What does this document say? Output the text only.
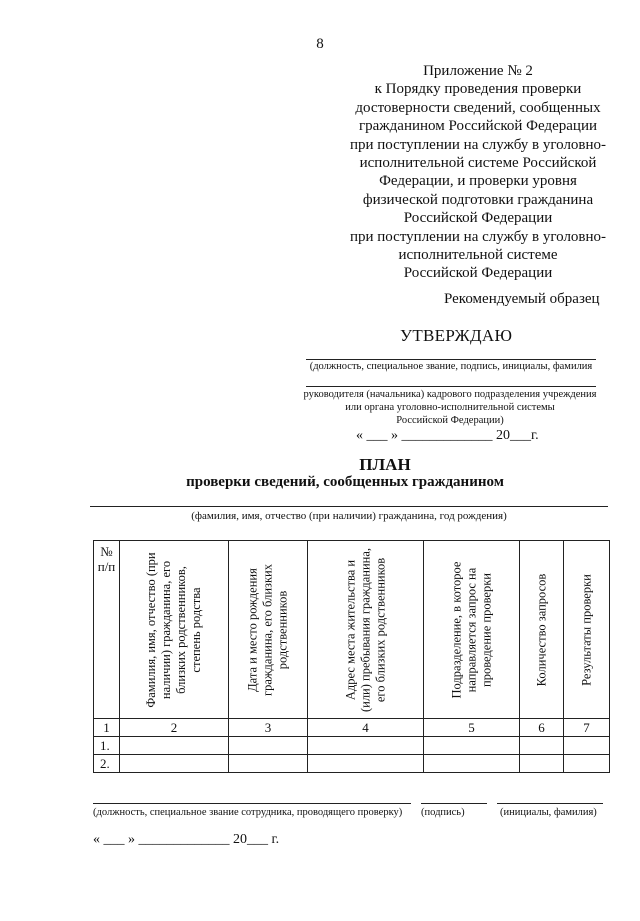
8
Приложение № 2
к Порядку проведения проверки
достоверности сведений, сообщенных
гражданином Российской Федерации
при поступлении на службу в уголовно-
исполнительной системе Российской
Федерации, и проверки уровня
физической подготовки гражданина
Российской Федерации
при поступлении на службу в уголовно-
исполнительной системе
Российской Федерации
Рекомендуемый образец
УТВЕРЖДАЮ
(должность, специальное звание, подпись, инициалы, фамилия
руководителя (начальника) кадрового подразделения учреждения
или органа уголовно-исполнительной системы
Российской Федерации)
« ___ » _____________ 20___г.
ПЛАН
проверки сведений, сообщенных гражданином
(фамилия, имя, отчество (при наличии) гражданина, год рождения)
№ п/п	Фамилия, имя, отчество (при наличии) гражданина, его близких родственников, степень родства	Дата и место рождения гражданина, его близких родственников	Адрес места жительства и (или) пребывания гражданина, его близких родственников	Подразделение, в которое направляется запрос на проведение проверки	Количество запросов	Результаты проверки

1	2	3	4	5	6	7
1.						
2.						
(должность, специальное звание сотрудника, проводящего проверку) (подпись)	(инициалы, фамилия)
« ___ » _____________ 20___ г.
